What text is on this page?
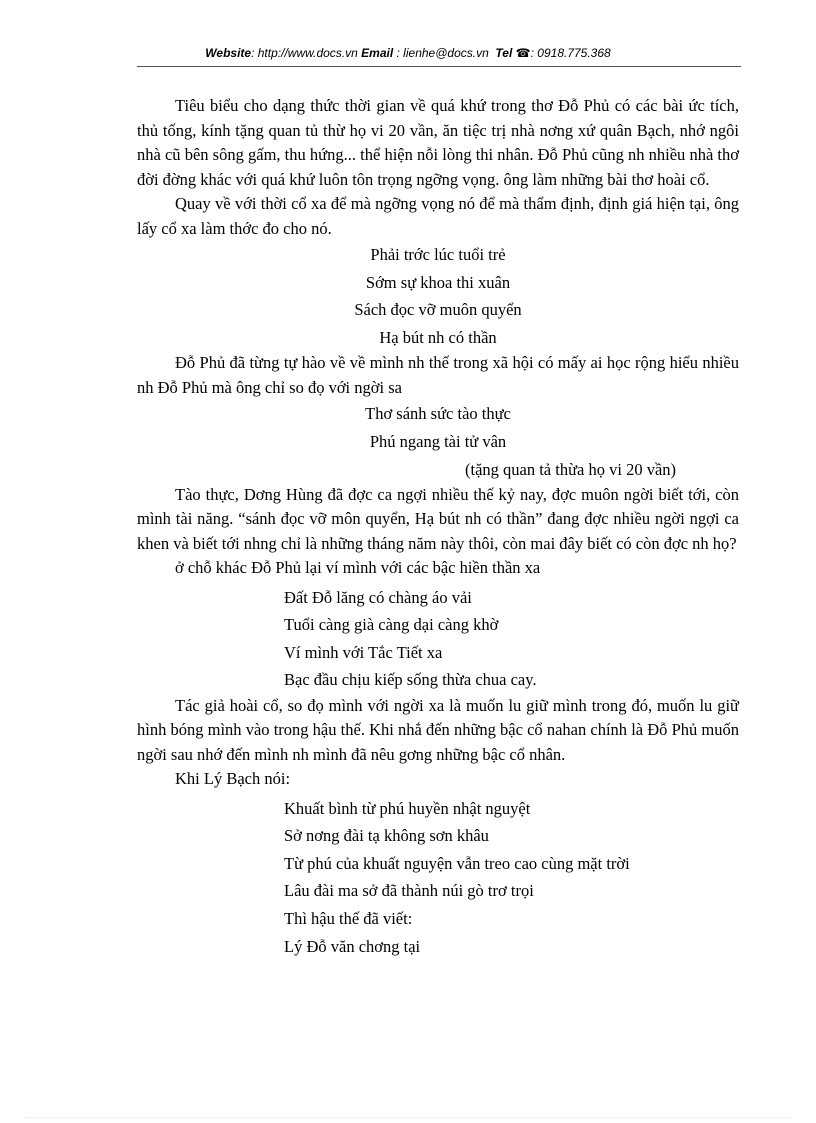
Website: http://www.docs.vn Email : lienhe@docs.vn Tel ☎: 0918.775.368

Tiêu biểu cho dạng thức thời gian về quá khứ trong thơ Đỗ Phủ có các bài ức tích, thủ tống, kính tặng quan tủ thừ họ vi 20 vần, ăn tiệc trị nhà nơng xứ quân Bạch, nhớ ngôi nhà cũ bên sông gấm, thu hứng... thể hiện nỗi lòng thi nhân. Đỗ Phủ cũng nh nhiều nhà thơ đời đờng khác với quá khứ luôn tôn trọng ngỡng vọng. ông làm những bài thơ hoài cổ.

Quay về với thời cổ xa để mà ngỡng vọng nó để mà thẩm định, định giá hiện tại, ông lấy cổ xa làm thớc đo cho nó.

Phải trớc lúc tuổi trẻ

Sớm sự khoa thi xuân

Sách đọc vỡ muôn quyển

Hạ bút nh có thần

Đỗ Phủ đã từng tự hào về về mình nh thế trong xã hội có mấy ai học rộng hiểu nhiều nh Đỗ Phủ mà ông chỉ so đọ với ngời sa

Thơ sánh sức tào thực

Phú ngang tài tử vân

(tặng quan tả thừa họ vi 20 vần)

Tào thực, Dơng Hùng đã đợc ca ngợi nhiều thế kỷ nay, đợc muôn ngời biết tới, còn mình tài năng. “sánh đọc vỡ môn quyển, Hạ bút nh có thần” đang đợc nhiều ngời ngợi ca khen và biết tới nhng chỉ là những tháng năm này thôi, còn mai đây biết có còn đợc nh họ?

ở chỗ khác Đỗ Phủ lại ví mình với các bậc hiền thần xa

Đất Đỗ lăng có chàng áo vải

Tuổi càng già càng dại càng khờ

Ví mình với Tắc Tiết xa

Bạc đầu chịu kiếp sống thừa chua cay.

Tác giả hoài cổ, so đọ mình với ngời xa là muốn lu giữ mình trong đó, muốn lu giữ hình bóng mình vào trong hậu thế. Khi nhắ đến những bậc cổ nahan chính là Đỗ Phủ muốn ngời sau nhớ đến mình nh mình đã nêu gơng những bậc cổ nhân.

Khi Lý Bạch nói:

Khuất bình từ phú huyền nhật nguyệt

Sở nơng đài tạ không sơn khâu

Từ phú của khuất nguyện vẫn treo cao cùng mặt trời

Lâu đài ma sở đã thành núi gò trơ trọi

Thì hậu thế đã viết:

Lý Đỗ văn chơng tại
